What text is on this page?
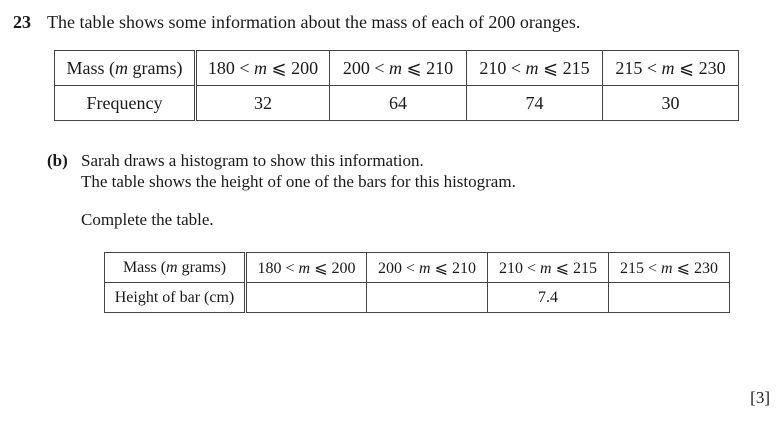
23 The table shows some information about the mass of each of 200 oranges.
Mass (m grams)	180 < m ⩽ 200	200 < m ⩽ 210	210 < m ⩽ 215	215 < m ⩽ 230
Frequency	32	64	74	30
(b) Sarah draws a histogram to show this information.
The table shows the height of one of the bars for this histogram.
Complete the table.
Mass (m grams)	180 < m ⩽ 200	200 < m ⩽ 210	210 < m ⩽ 215	215 < m ⩽ 230
Height of bar (cm)			7.4	
[3]
